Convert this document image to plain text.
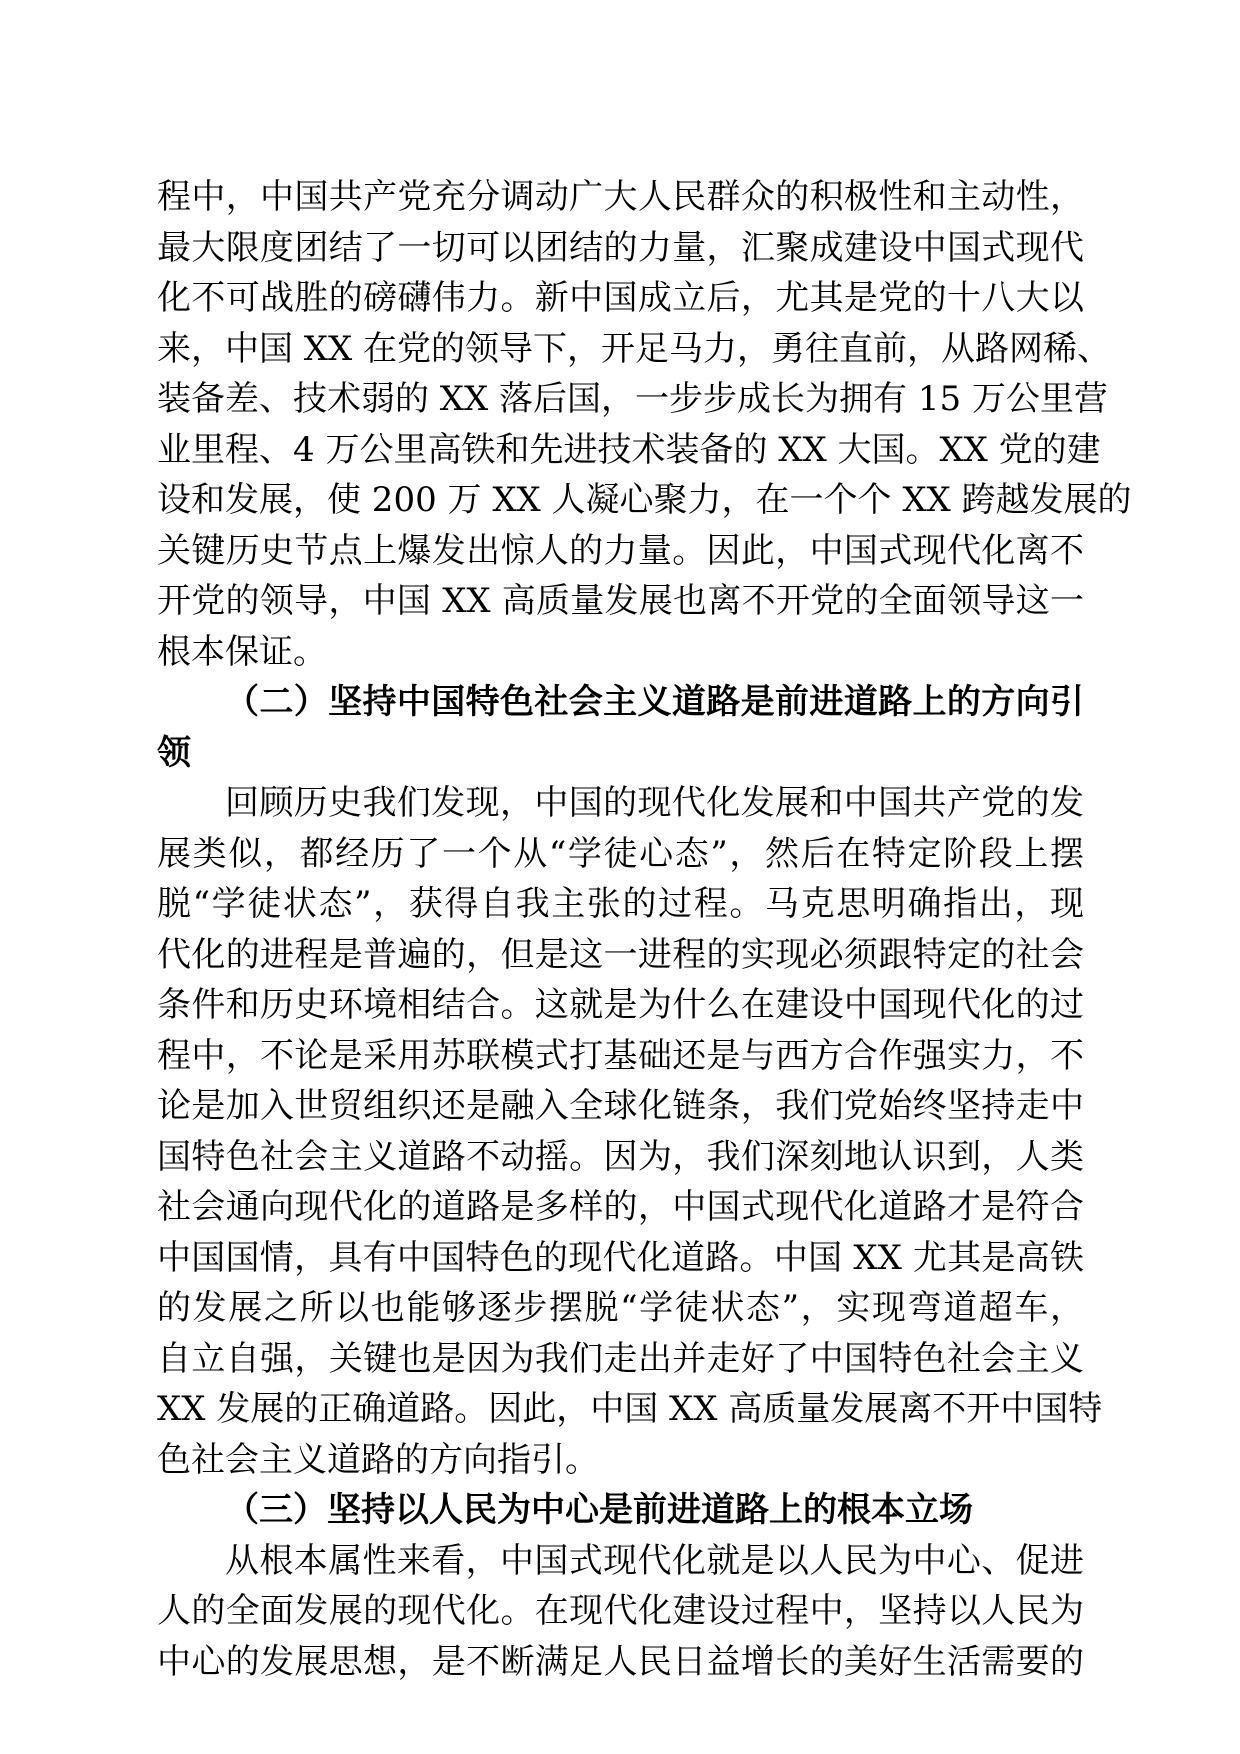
程中，中国共产党充分调动广大人民群众的积极性和主动性，
最大限度团结了一切可以团结的力量，汇聚成建设中国式现代
化不可战胜的磅礴伟力。新中国成立后，尤其是党的十八大以
来，中国 XX 在党的领导下，开足马力，勇往直前，从路网稀、
装备差、技术弱的 XX 落后国，一步步成长为拥有 15 万公里营
业里程、4 万公里高铁和先进技术装备的 XX 大国。XX 党的建
设和发展，使 200 万 XX 人凝心聚力，在一个个 XX 跨越发展的
关键历史节点上爆发出惊人的力量。因此，中国式现代化离不
开党的领导，中国 XX 高质量发展也离不开党的全面领导这一
根本保证。
（二）坚持中国特色社会主义道路是前进道路上的方向引
领
回顾历史我们发现，中国的现代化发展和中国共产党的发
展类似，都经历了一个从“学徒心态”，然后在特定阶段上摆
脱“学徒状态”，获得自我主张的过程。马克思明确指出，现
代化的进程是普遍的，但是这一进程的实现必须跟特定的社会
条件和历史环境相结合。这就是为什么在建设中国现代化的过
程中，不论是采用苏联模式打基础还是与西方合作强实力，不
论是加入世贸组织还是融入全球化链条，我们党始终坚持走中
国特色社会主义道路不动摇。因为，我们深刻地认识到，人类
社会通向现代化的道路是多样的，中国式现代化道路才是符合
中国国情，具有中国特色的现代化道路。中国 XX 尤其是高铁
的发展之所以也能够逐步摆脱“学徒状态”，实现弯道超车，
自立自强，关键也是因为我们走出并走好了中国特色社会主义
XX 发展的正确道路。因此，中国 XX 高质量发展离不开中国特
色社会主义道路的方向指引。
（三）坚持以人民为中心是前进道路上的根本立场
从根本属性来看，中国式现代化就是以人民为中心、促进
人的全面发展的现代化。在现代化建设过程中，坚持以人民为
中心的发展思想，是不断满足人民日益增长的美好生活需要的
